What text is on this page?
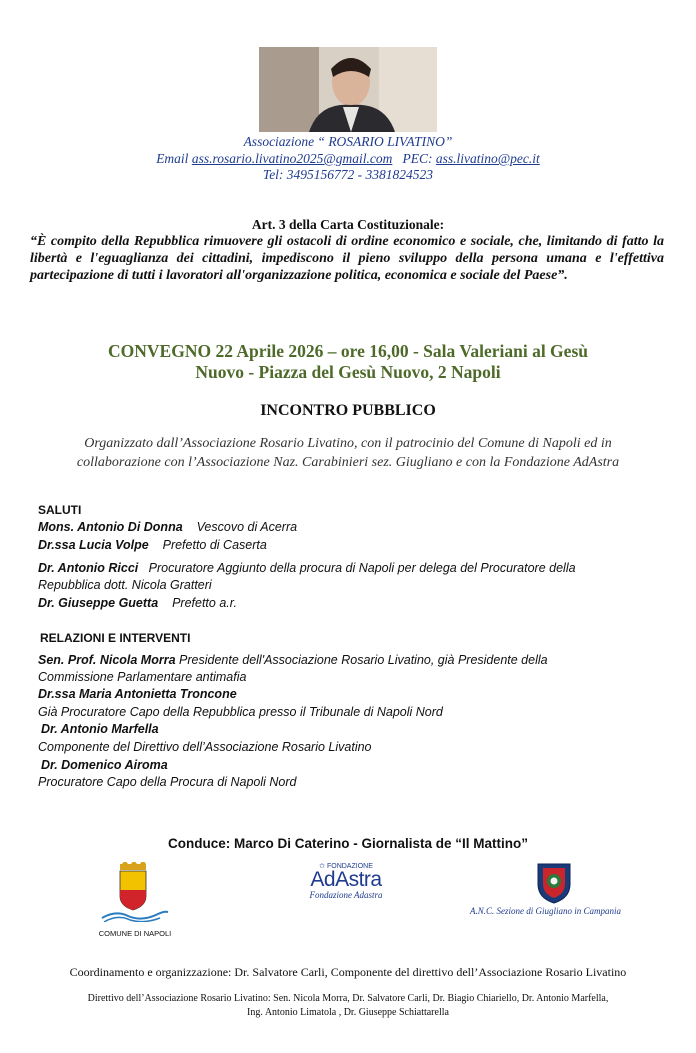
Associazione “ ROSARIO LIVATINO”
Email ass.rosario.livatino2025@gmail.com PEC: ass.livatino@pec.it
Tel: 3495156772 - 3381824523
Art. 3 della Carta Costituzionale:
“È compito della Repubblica rimuovere gli ostacoli di ordine economico e sociale, che, limitando di fatto la libertà e l'eguaglianza dei cittadini, impediscono il pieno sviluppo della persona umana e l'effettiva partecipazione di tutti i lavoratori all'organizzazione politica, economica e sociale del Paese”.
CONVEGNO 22 Aprile 2026 – ore 16,00 - Sala Valeriani al Gesù
Nuovo - Piazza del Gesù Nuovo, 2 Napoli
INCONTRO PUBBLICO
Organizzato dall’Associazione Rosario Livatino, con il patrocinio del Comune di Napoli ed in
collaborazione con l’Associazione Naz. Carabinieri sez. Giugliano e con la Fondazione AdAstra
SALUTI
Mons. Antonio Di Donna Vescovo di Acerra
Dr.ssa Lucia Volpe Prefetto di Caserta
Dr. Antonio Ricci Procuratore Aggiunto della procura di Napoli per delega del Procuratore della
Repubblica dott. Nicola Gratteri
Dr. Giuseppe Guetta Prefetto a.r.
RELAZIONI E INTERVENTI
Sen. Prof. Nicola Morra Presidente dell'Associazione Rosario Livatino, già Presidente della
Commissione Parlamentare antimafia
Dr.ssa Maria Antonietta Troncone
Già Procuratore Capo della Repubblica presso il Tribunale di Napoli Nord
Dr. Antonio Marfella
Componente del Direttivo dell’Associazione Rosario Livatino
Dr. Domenico Airoma
Procuratore Capo della Procura di Napoli Nord
Conduce: Marco Di Caterino - Giornalista de “Il Mattino”
COMUNE DI NAPOLI
✩ FONDAZIONE
AdAstra
Fondazione Adastra
A.N.C. Sezione di Giugliano in Campania
Coordinamento e organizzazione: Dr. Salvatore Carli, Componente del direttivo dell’Associazione Rosario Livatino
Direttivo dell’Associazione Rosario Livatino: Sen. Nicola Morra, Dr. Salvatore Carli, Dr. Biagio Chiariello, Dr. Antonio Marfella,
Ing. Antonio Limatola , Dr. Giuseppe Schiattarella
